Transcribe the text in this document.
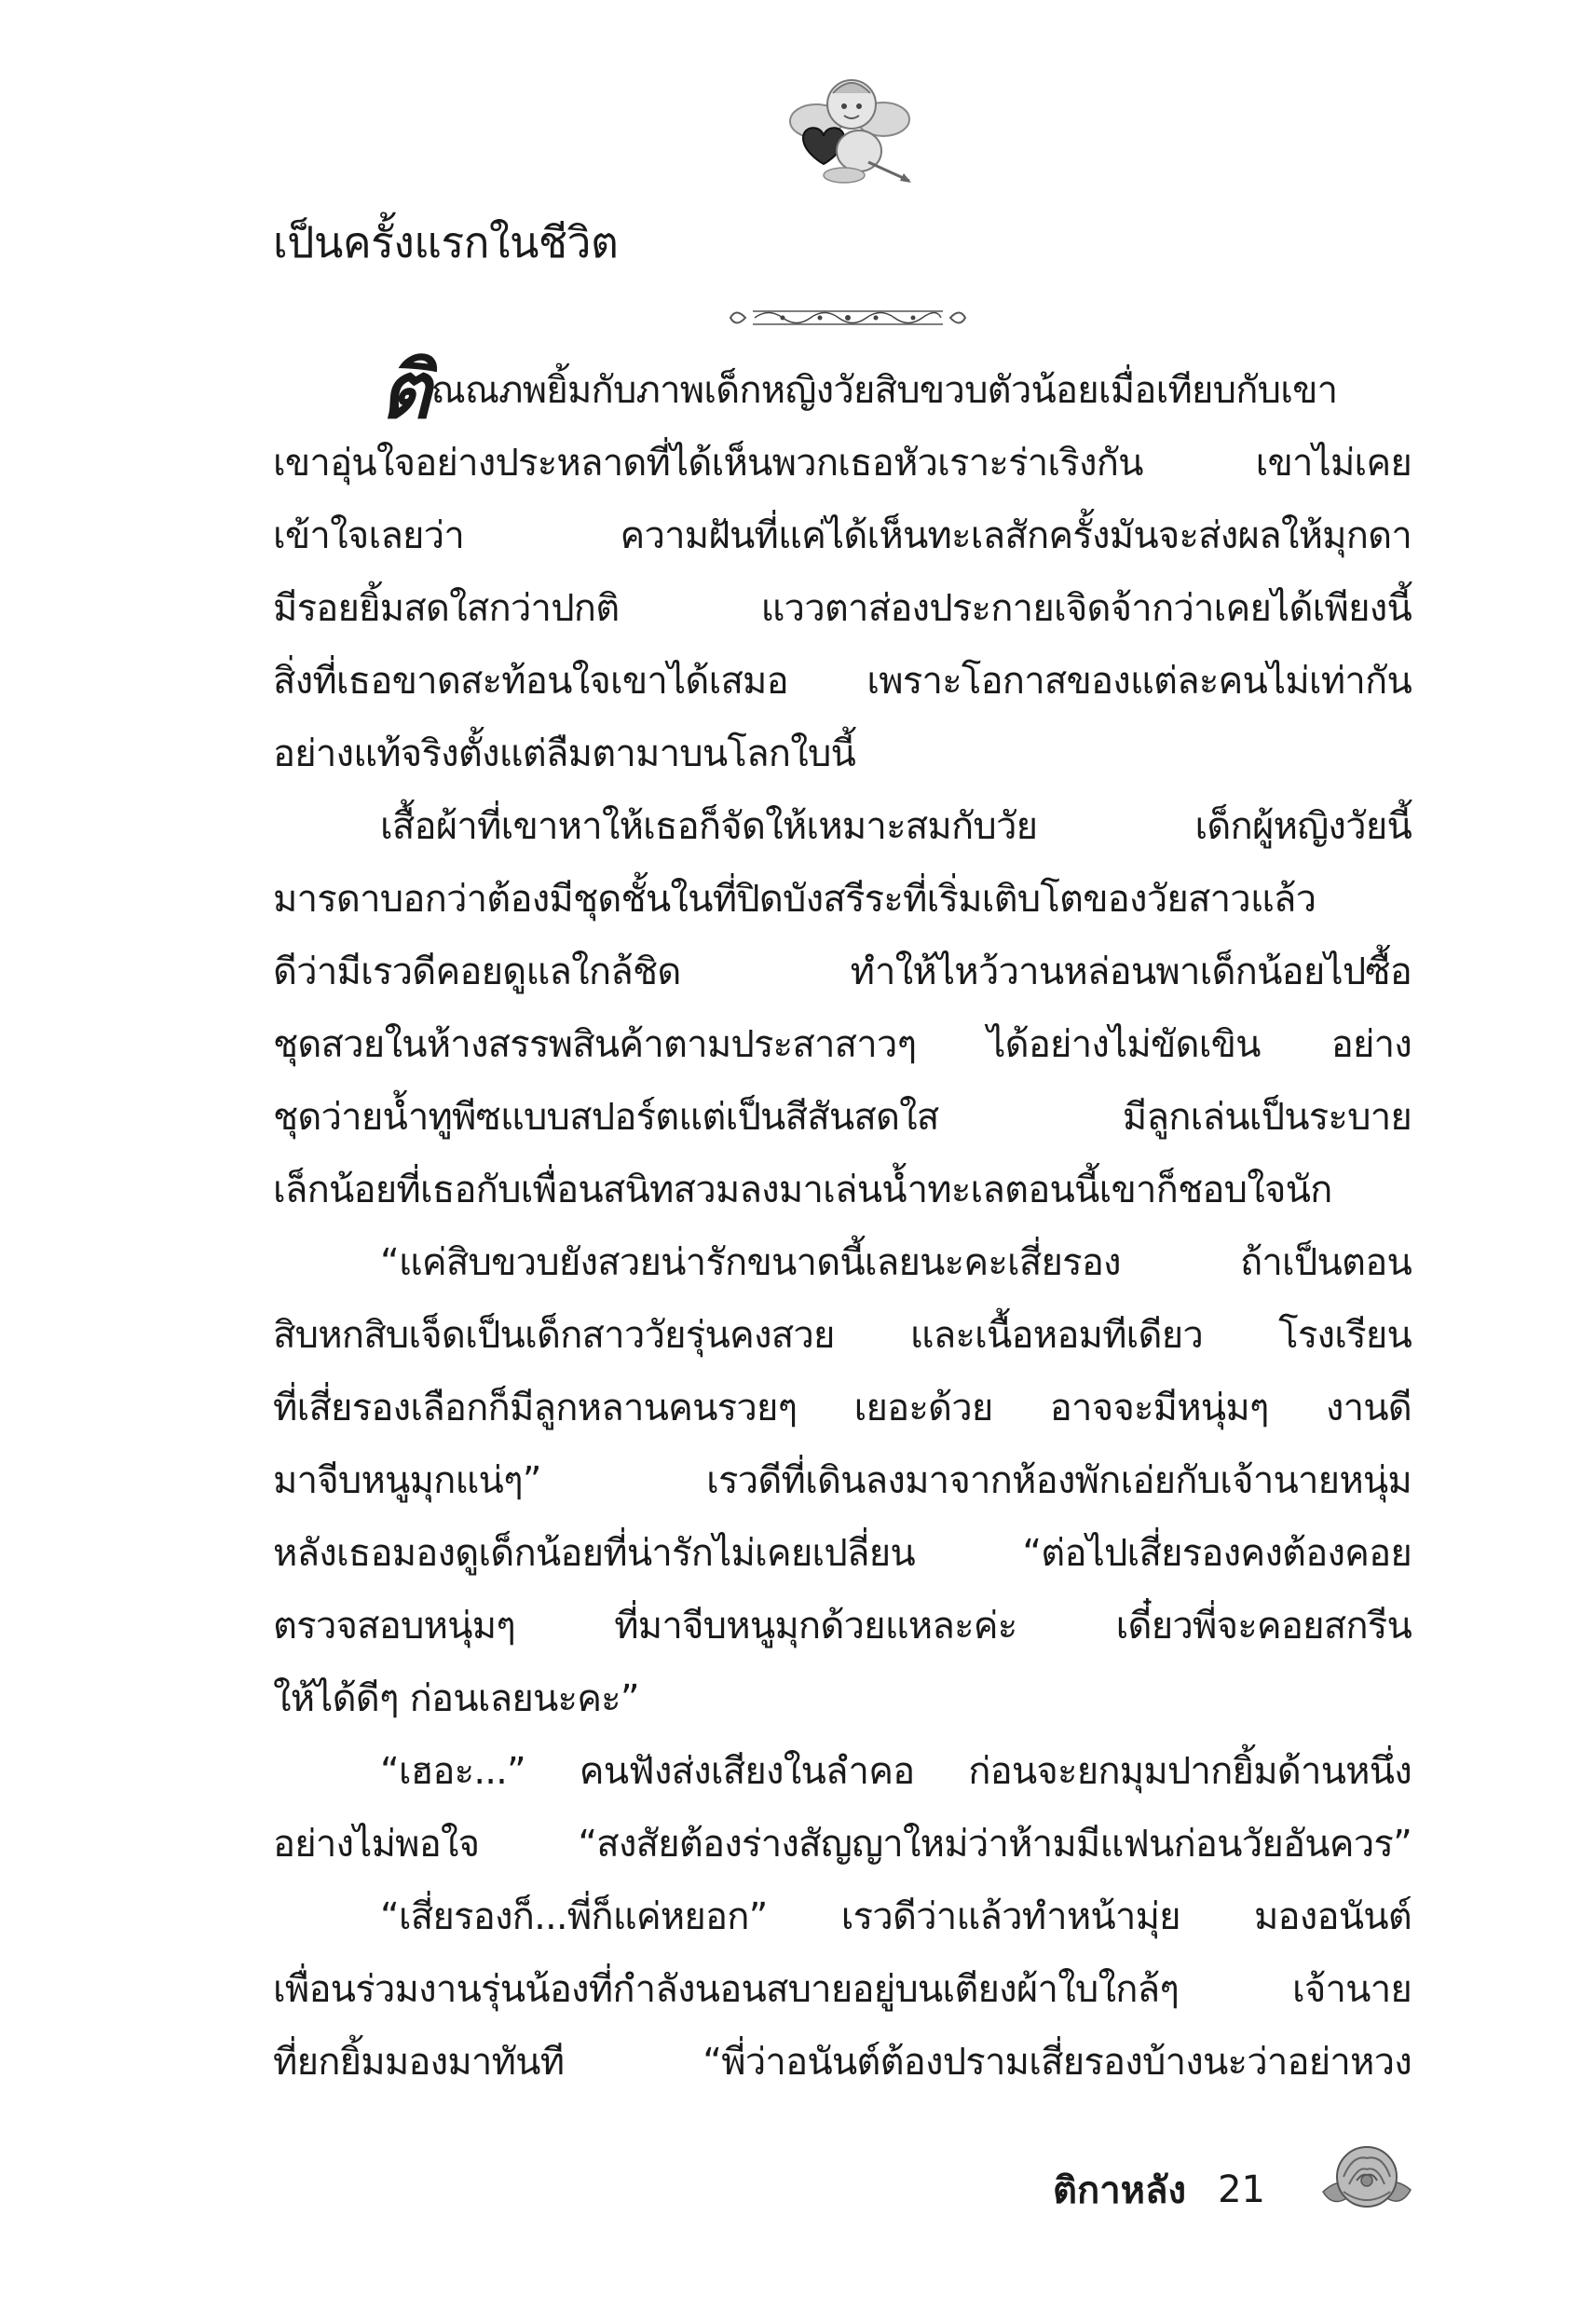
เป็นครั้งแรกในชีวิต
ติณณภพยิ้มกับภาพเด็กหญิงวัยสิบขวบตัวน้อยเมื่อเทียบกับเขา
เขาอุ่นใจอย่างประหลาดที่ได้เห็นพวกเธอหัวเราะร่าเริงกัน เขาไม่เคย
เข้าใจเลยว่า ความฝันที่แค่ได้เห็นทะเลสักครั้งมันจะส่งผลให้มุกดา
มีรอยยิ้มสดใสกว่าปกติ แววตาส่องประกายเจิดจ้ากว่าเคยได้เพียงนี้
สิ่งที่เธอขาดสะท้อนใจเขาได้เสมอ เพราะโอกาสของแต่ละคนไม่เท่ากัน
อย่างแท้จริงตั้งแต่ลืมตามาบนโลกใบนี้
เสื้อผ้าที่เขาหาให้เธอก็จัดให้เหมาะสมกับวัย เด็กผู้หญิงวัยนี้
มารดาบอกว่าต้องมีชุดชั้นในที่ปิดบังสรีระที่เริ่มเติบโตของวัยสาวแล้ว
ดีว่ามีเรวดีคอยดูแลใกล้ชิด ทำให้ไหว้วานหล่อนพาเด็กน้อยไปซื้อ
ชุดสวยในห้างสรรพสินค้าตามประสาสาวๆ ได้อย่างไม่ขัดเขิน อย่าง
ชุดว่ายน้ำทูพีซแบบสปอร์ตแต่เป็นสีสันสดใส มีลูกเล่นเป็นระบาย
เล็กน้อยที่เธอกับเพื่อนสนิทสวมลงมาเล่นน้ำทะเลตอนนี้เขาก็ชอบใจนัก
“แค่สิบขวบยังสวยน่ารักขนาดนี้เลยนะคะเสี่ยรอง ถ้าเป็นตอน
สิบหกสิบเจ็ดเป็นเด็กสาววัยรุ่นคงสวย และเนื้อหอมทีเดียว โรงเรียน
ที่เสี่ยรองเลือกก็มีลูกหลานคนรวยๆ เยอะด้วย อาจจะมีหนุ่มๆ งานดี
มาจีบหนูมุกแน่ๆ” เรวดีที่เดินลงมาจากห้องพักเอ่ยกับเจ้านายหนุ่ม
หลังเธอมองดูเด็กน้อยที่น่ารักไม่เคยเปลี่ยน “ต่อไปเสี่ยรองคงต้องคอย
ตรวจสอบหนุ่มๆ ที่มาจีบหนูมุกด้วยแหละค่ะ เดี๋ยวพี่จะคอยสกรีน
ให้ได้ดีๆ ก่อนเลยนะคะ”
“เฮอะ...” คนฟังส่งเสียงในลำคอ ก่อนจะยกมุมปากยิ้มด้านหนึ่ง
อย่างไม่พอใจ “สงสัยต้องร่างสัญญาใหม่ว่าห้ามมีแฟนก่อนวัยอันควร”
“เสี่ยรองก็...พี่ก็แค่หยอก” เรวดีว่าแล้วทำหน้ามุ่ย มองอนันต์
เพื่อนร่วมงานรุ่นน้องที่กำลังนอนสบายอยู่บนเตียงผ้าใบใกล้ๆ เจ้านาย
ที่ยกยิ้มมองมาทันที “พี่ว่าอนันต์ต้องปรามเสี่ยรองบ้างนะว่าอย่าหวง
ติกาหลัง 21
